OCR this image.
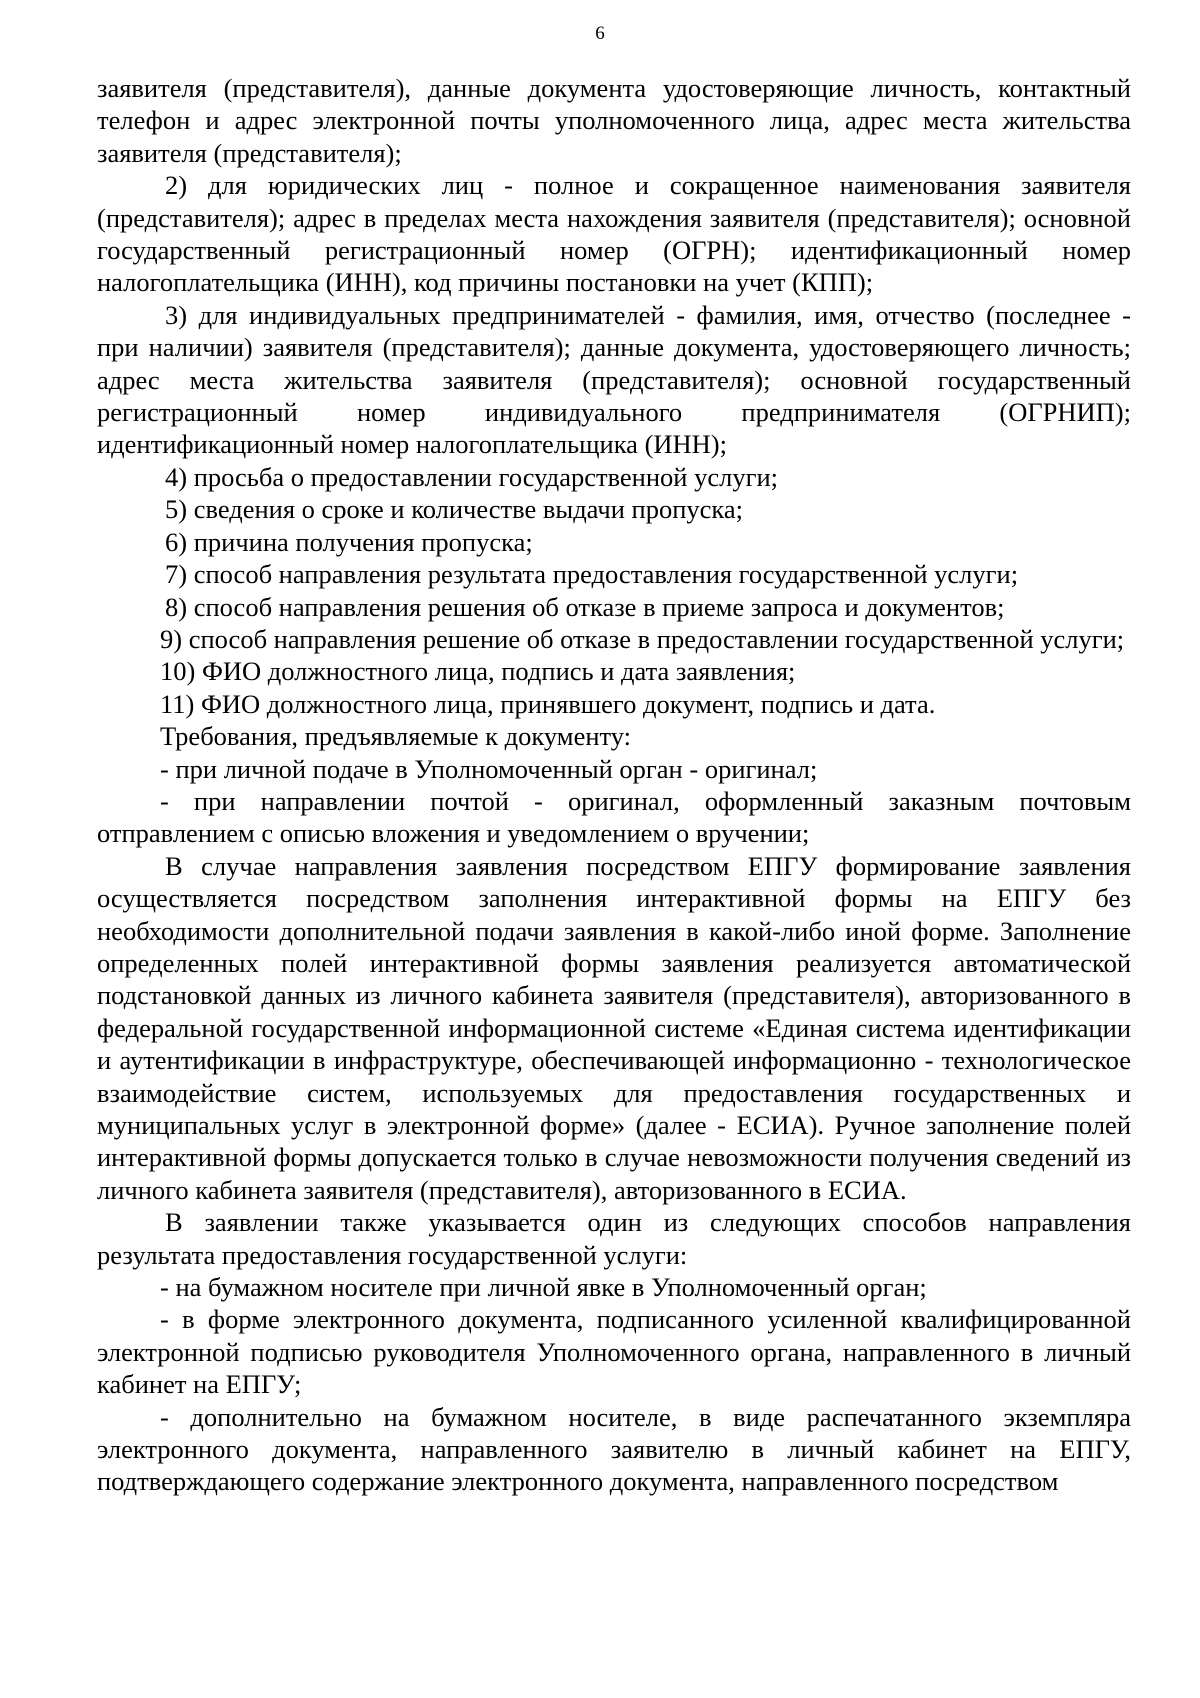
6

заявителя (представителя), данные документа удостоверяющие личность, контактный телефон и адрес электронной почты уполномоченного лица, адрес места жительства заявителя (представителя);

2) для юридических лиц - полное и сокращенное наименования заявителя (представителя); адрес в пределах места нахождения заявителя (представителя); основной государственный регистрационный номер (ОГРН); идентификационный номер налогоплательщика (ИНН), код причины постановки на учет (КПП);

3) для индивидуальных предпринимателей - фамилия, имя, отчество (последнее - при наличии) заявителя (представителя); данные документа, удостоверяющего личность; адрес места жительства заявителя (представителя); основной государственный регистрационный номер индивидуального предпринимателя (ОГРНИП); идентификационный номер налогоплательщика (ИНН);

4) просьба о предоставлении государственной услуги;

5) сведения о сроке и количестве выдачи пропуска;

6) причина получения пропуска;

7) способ направления результата предоставления государственной услуги;

8) способ направления решения об отказе в приеме запроса и документов;

9) способ направления решение об отказе в предоставлении государственной услуги;

10) ФИО должностного лица, подпись и дата заявления;

11) ФИО должностного лица, принявшего документ, подпись и дата.

Требования, предъявляемые к документу:

- при личной подаче в Уполномоченный орган - оригинал;

- при направлении почтой - оригинал, оформленный заказным почтовым отправлением с описью вложения и уведомлением о вручении;

В случае направления заявления посредством ЕПГУ формирование заявления осуществляется посредством заполнения интерактивной формы на ЕПГУ без необходимости дополнительной подачи заявления в какой-либо иной форме. Заполнение определенных полей интерактивной формы заявления реализуется автоматической подстановкой данных из личного кабинета заявителя (представителя), авторизованного в федеральной государственной информационной системе «Единая система идентификации и аутентификации в инфраструктуре, обеспечивающей информационно - технологическое взаимодействие систем, используемых для предоставления государственных и муниципальных услуг в электронной форме» (далее - ЕСИА). Ручное заполнение полей интерактивной формы допускается только в случае невозможности получения сведений из личного кабинета заявителя (представителя), авторизованного в ЕСИА.

В заявлении также указывается один из следующих способов направления результата предоставления государственной услуги:

- на бумажном носителе при личной явке в Уполномоченный орган;

- в форме электронного документа, подписанного усиленной квалифицированной электронной подписью руководителя Уполномоченного органа, направленного в личный кабинет на ЕПГУ;

- дополнительно на бумажном носителе, в виде распечатанного экземпляра электронного документа, направленного заявителю в личный кабинет на ЕПГУ, подтверждающего содержание электронного документа, направленного посредством
